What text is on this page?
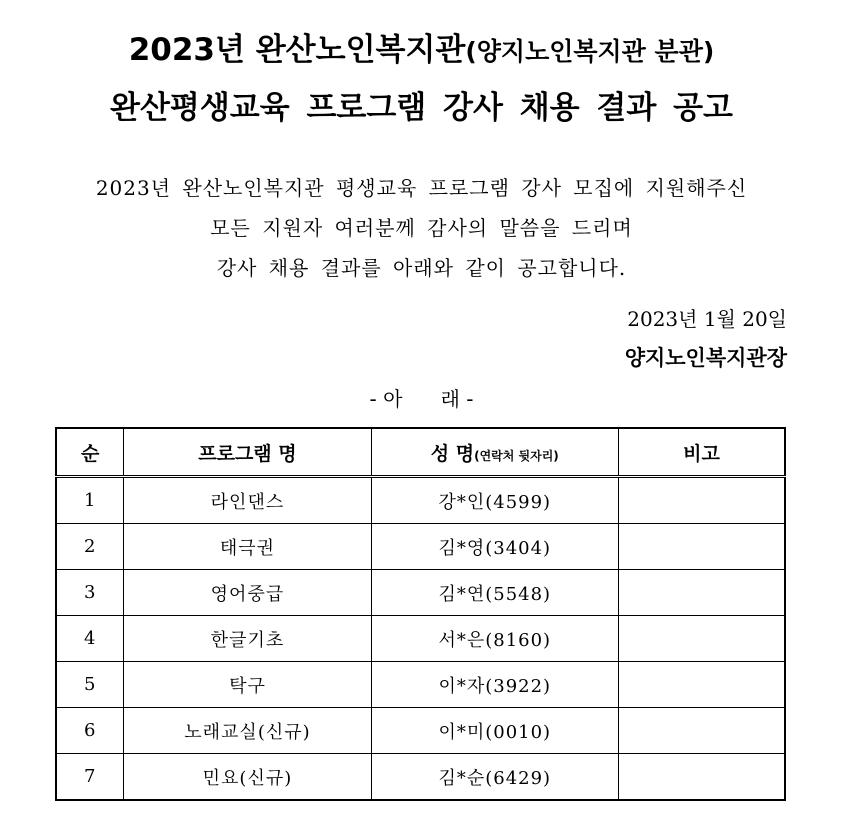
2023년 완산노인복지관(양지노인복지관 분관)
완산평생교육 프로그램 강사 채용 결과 공고
2023년 완산노인복지관 평생교육 프로그램 강사 모집에 지원해주신
모든 지원자 여러분께 감사의 말씀을 드리며
강사 채용 결과를 아래와 같이 공고합니다.
2023년 1월 20일
양지노인복지관장
- 아      래 -
순	프로그램 명	성 명(연락처 뒷자리)	비고
1	라인댄스	강*인(4599)	
2	태극권	김*영(3404)	
3	영어중급	김*연(5548)	
4	한글기초	서*은(8160)	
5	탁구	이*자(3922)	
6	노래교실(신규)	이*미(0010)	
7	민요(신규)	김*순(6429)	
